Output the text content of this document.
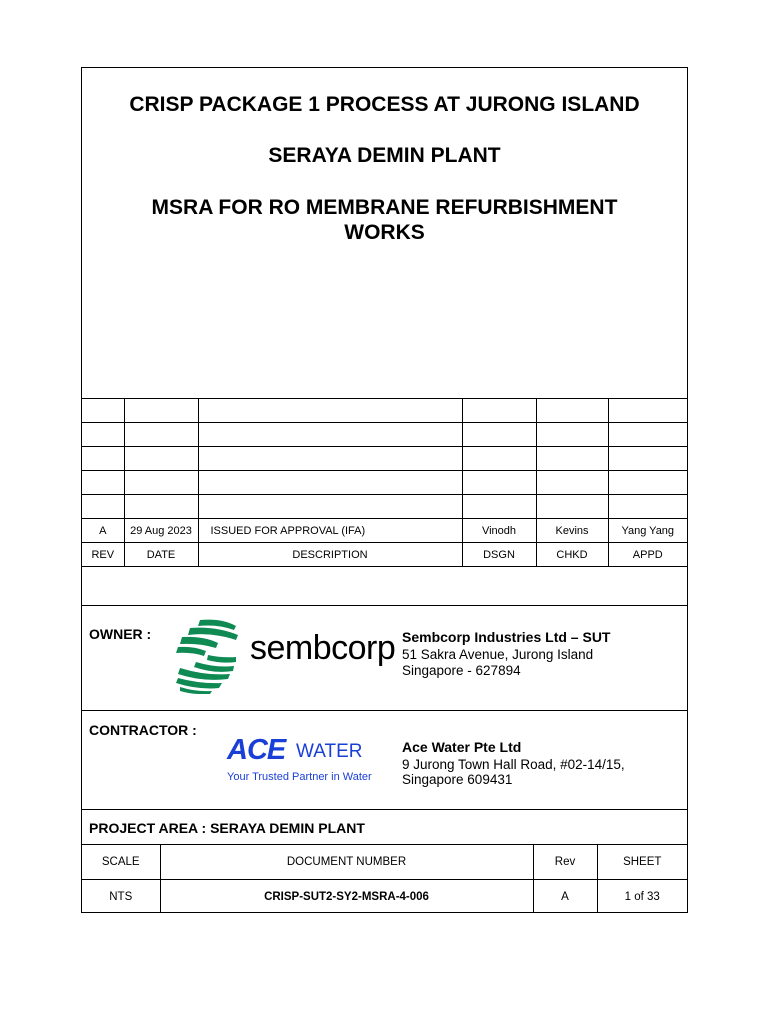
CRISP PACKAGE 1 PROCESS AT JURONG ISLAND
SERAYA DEMIN PLANT
MSRA FOR RO MEMBRANE REFURBISHMENT
WORKS

A	29 Aug 2023	ISSUED FOR APPROVAL (IFA)	Vinodh	Kevins	Yang Yang
REV	DATE	DESCRIPTION	DSGN	CHKD	APPD
OWNER :	sembcorp Sembcorp Industries Ltd – SUT
51 Sakra Avenue, Jurong Island
Singapore - 627894
CONTRACTOR :
ACE WATER
Your Trusted Partner in Water
Ace Water Pte Ltd
9 Jurong Town Hall Road, #02-14/15,
Singapore 609431
PROJECT AREA : SERAYA DEMIN PLANT
SCALE	DOCUMENT NUMBER	Rev	SHEET
NTS	CRISP-SUT2-SY2-MSRA-4-006	A	1 of 33
